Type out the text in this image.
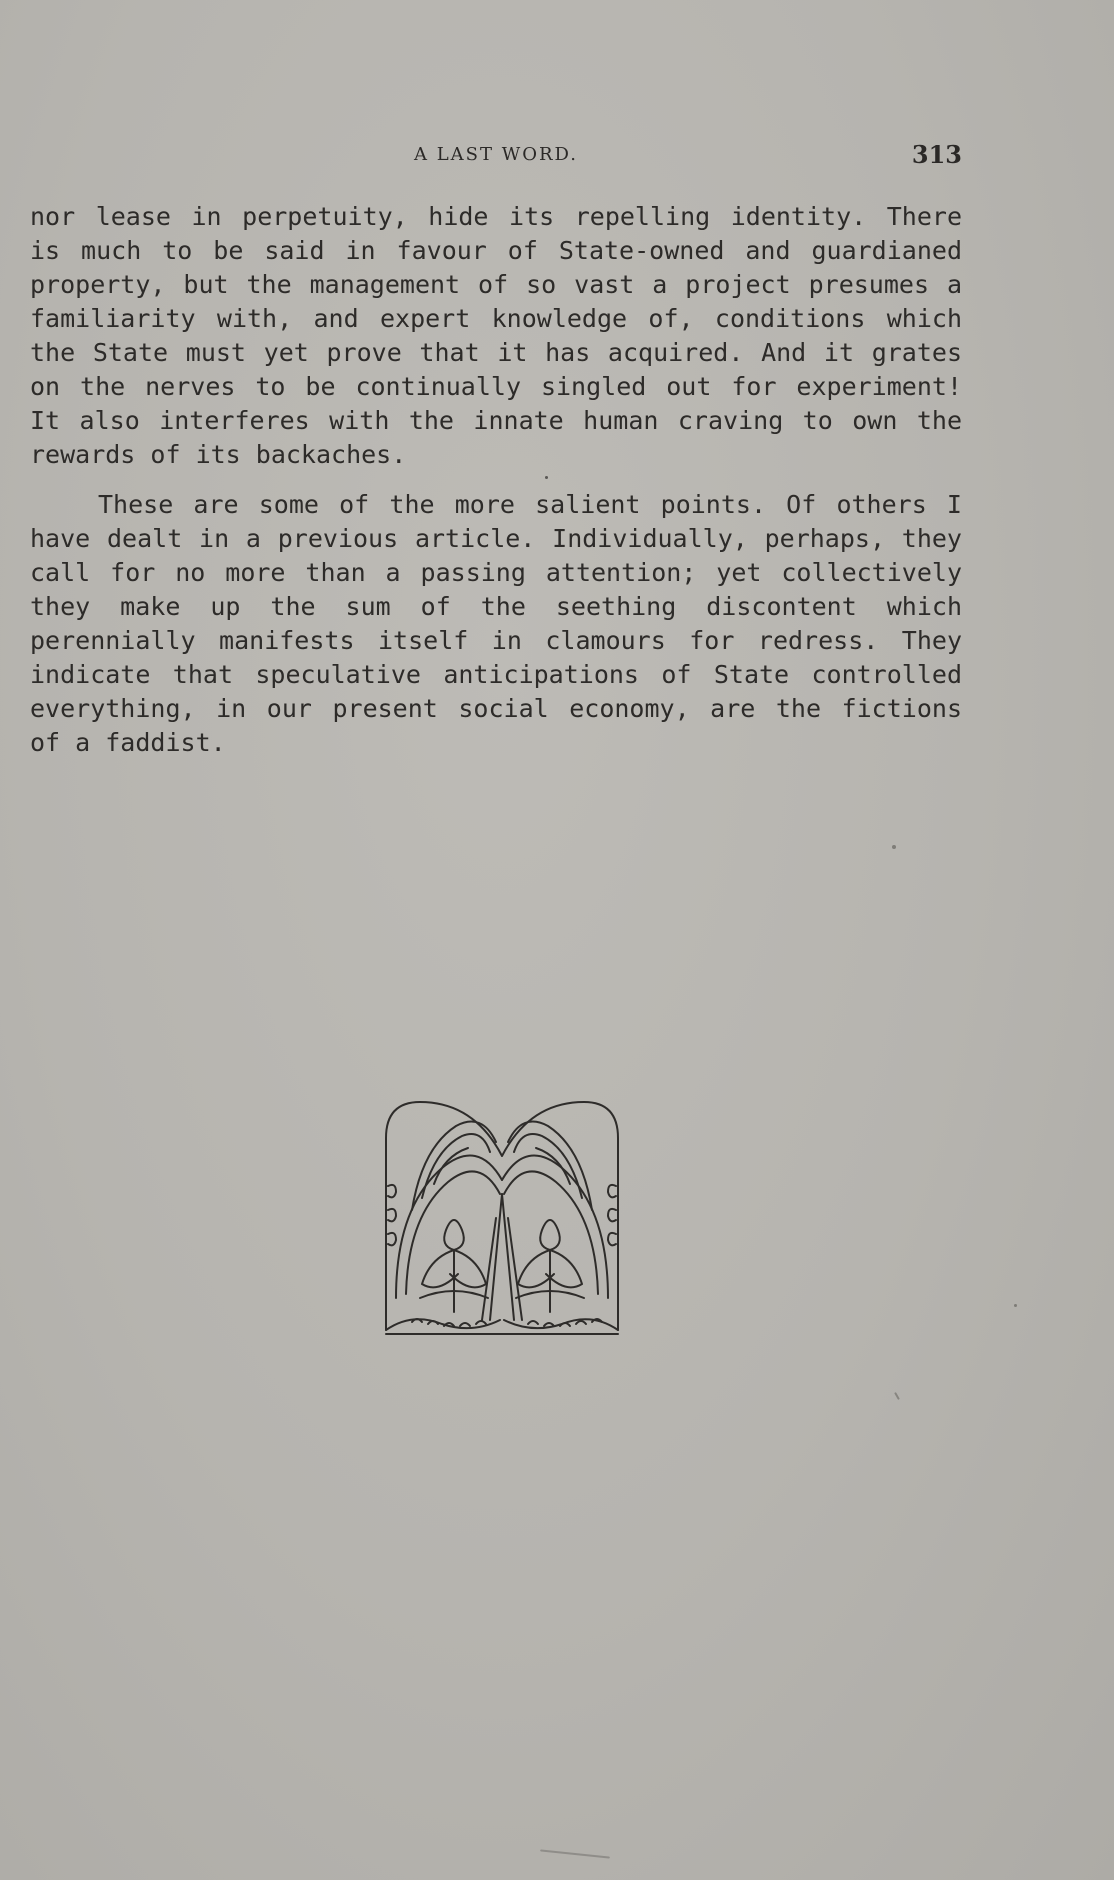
A LAST WORD.	313

nor lease in perpetuity, hide its repelling identity. There is much to be said in favour of State-owned and guardianed property, but the management of so vast a project presumes a familiarity with, and expert knowledge of, conditions which the State must yet prove that it has acquired. And it grates on the nerves to be continually singled out for experiment! It also interferes with the innate human craving to own the rewards of its backaches.

These are some of the more salient points. Of others I have dealt in a previous article. Individually, perhaps, they call for no more than a passing attention; yet collectively they make up the sum of the seething discontent which perennially manifests itself in clamours for redress. They indicate that speculative anticipations of State controlled everything, in our present social economy, are the fictions of a faddist.
